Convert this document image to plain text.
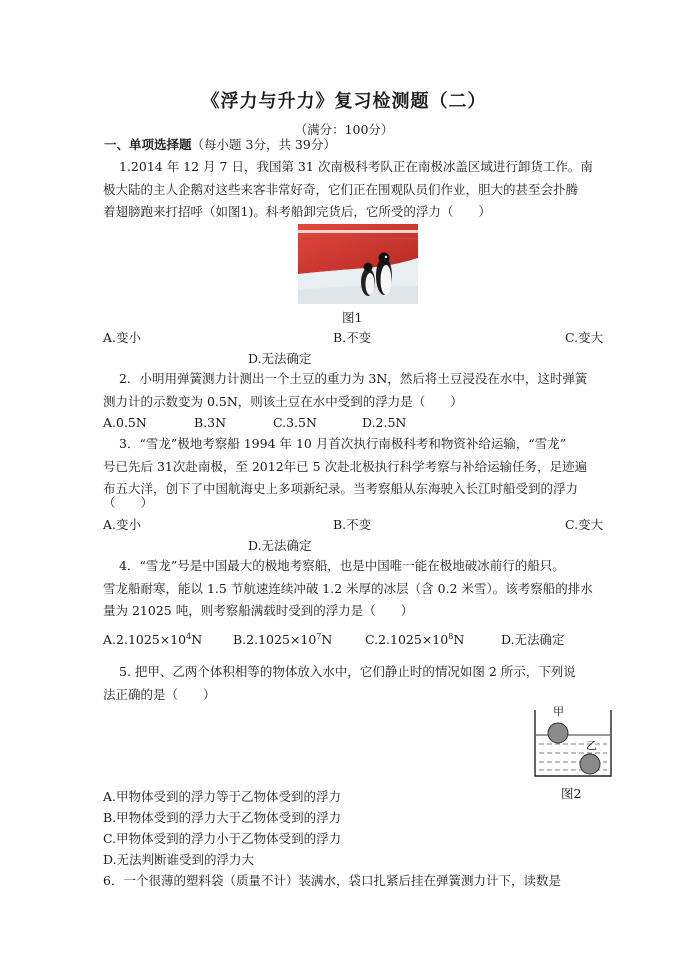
《浮力与升力》复习检测题（二）
（满分：100分）
一、单项选择题（每小题 3分，共 39分）
1.2014 年 12 月 7 日，我国第 31 次南极科考队正在南极冰盖区域进行卸货工作。南
极大陆的主人企鹅对这些来客非常好奇，它们正在围观队员们作业，胆大的甚至会扑腾
着翅膀跑来打招呼（如图1)。科考船卸完货后，它所受的浮力（　　）
图1
A.变小	B.不变	C.变大
D.无法确定
2．小明用弹簧测力计测出一个土豆的重力为 3N，然后将土豆浸没在水中，这时弹簧
测力计的示数变为 0.5N，则该土豆在水中受到的浮力是（　　）
A.0.5N	B.3N	C.3.5N	D.2.5N
3．“雪龙”极地考察船 1994 年 10 月首次执行南极科考和物资补给运输，“雪龙”
号已先后 31次赴南极，至 2012年已 5 次赴北极执行科学考察与补给运输任务，足迹遍
布五大洋，创下了中国航海史上多项新纪录。当考察船从东海驶入长江时船受到的浮力
（　　）
A.变小	B.不变	C.变大
D.无法确定
4．“雪龙”号是中国最大的极地考察船，也是中国唯一能在极地破冰前行的船只。
雪龙船耐寒，能以 1.5 节航速连续冲破 1.2 米厚的冰层（含 0.2 米雪）。该考察船的排水
量为 21025 吨，则考察船满载时受到的浮力是（　　）
$A.2.1025\times 10^4N$ $B.2.1025\times 10^7N$	$C.2.1025\times 10^8N$	D.无法确定
5. 把甲、乙两个体积相等的物体放入水中，它们静止时的情况如图 2 所示，下列说
法正确的是（　　）
甲
乙
图2
A.甲物体受到的浮力等于乙物体受到的浮力
B.甲物体受到的浮力大于乙物体受到的浮力
C.甲物体受到的浮力小于乙物体受到的浮力
D.无法判断谁受到的浮力大
6．一个很薄的塑料袋（质量不计）装满水，袋口扎紧后挂在弹簧测力计下，读数是
